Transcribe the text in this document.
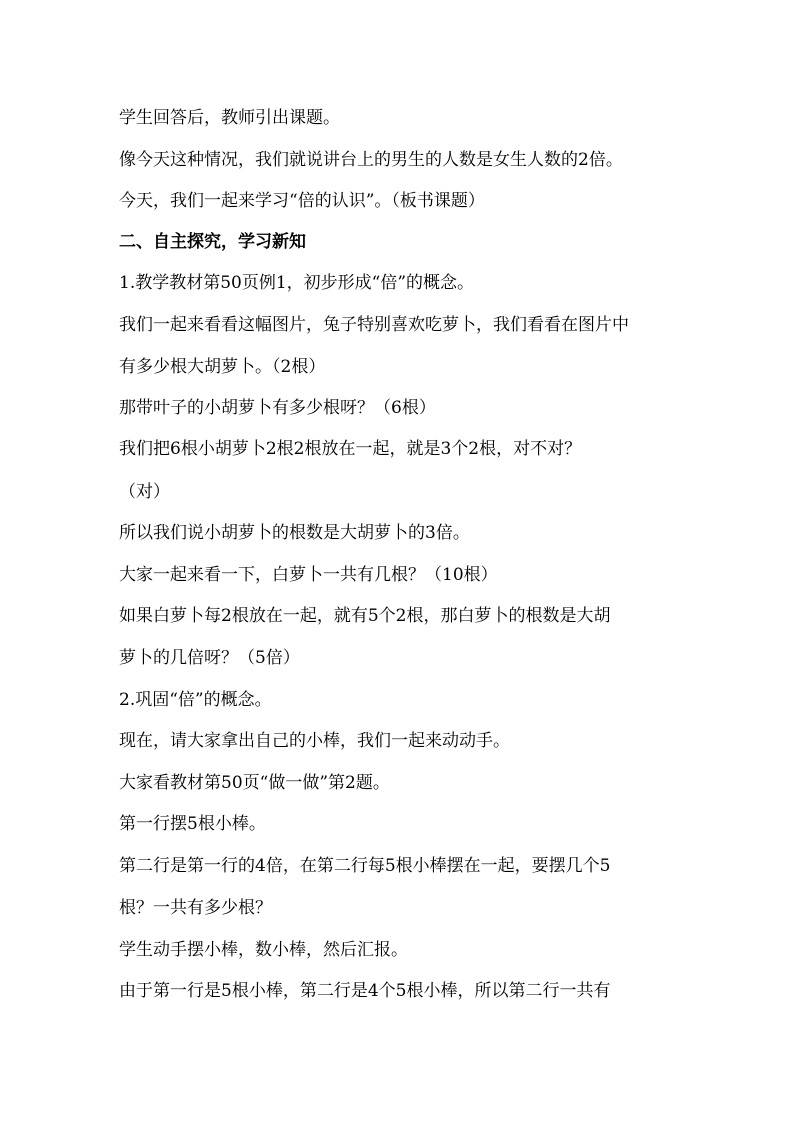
学生回答后，教师引出课题。
像今天这种情况，我们就说讲台上的男生的人数是女生人数的2倍。
今天，我们一起来学习“倍的认识”。（板书课题）
二、自主探究，学习新知
1.教学教材第50页例1，初步形成“倍”的概念。
我们一起来看看这幅图片，兔子特别喜欢吃萝卜，我们看看在图片中
有多少根大胡萝卜。（2根）
那带叶子的小胡萝卜有多少根呀？（6根）
我们把6根小胡萝卜2根2根放在一起，就是3个2根，对不对？
（对）
所以我们说小胡萝卜的根数是大胡萝卜的3倍。
大家一起来看一下，白萝卜一共有几根？（10根）
如果白萝卜每2根放在一起，就有5个2根，那白萝卜的根数是大胡
萝卜的几倍呀？（5倍）
2.巩固“倍”的概念。
现在，请大家拿出自己的小棒，我们一起来动动手。
大家看教材第50页“做一做”第2题。
第一行摆5根小棒。
第二行是第一行的4倍，在第二行每5根小棒摆在一起，要摆几个5
根？一共有多少根？
学生动手摆小棒，数小棒，然后汇报。
由于第一行是5根小棒，第二行是4个5根小棒，所以第二行一共有
